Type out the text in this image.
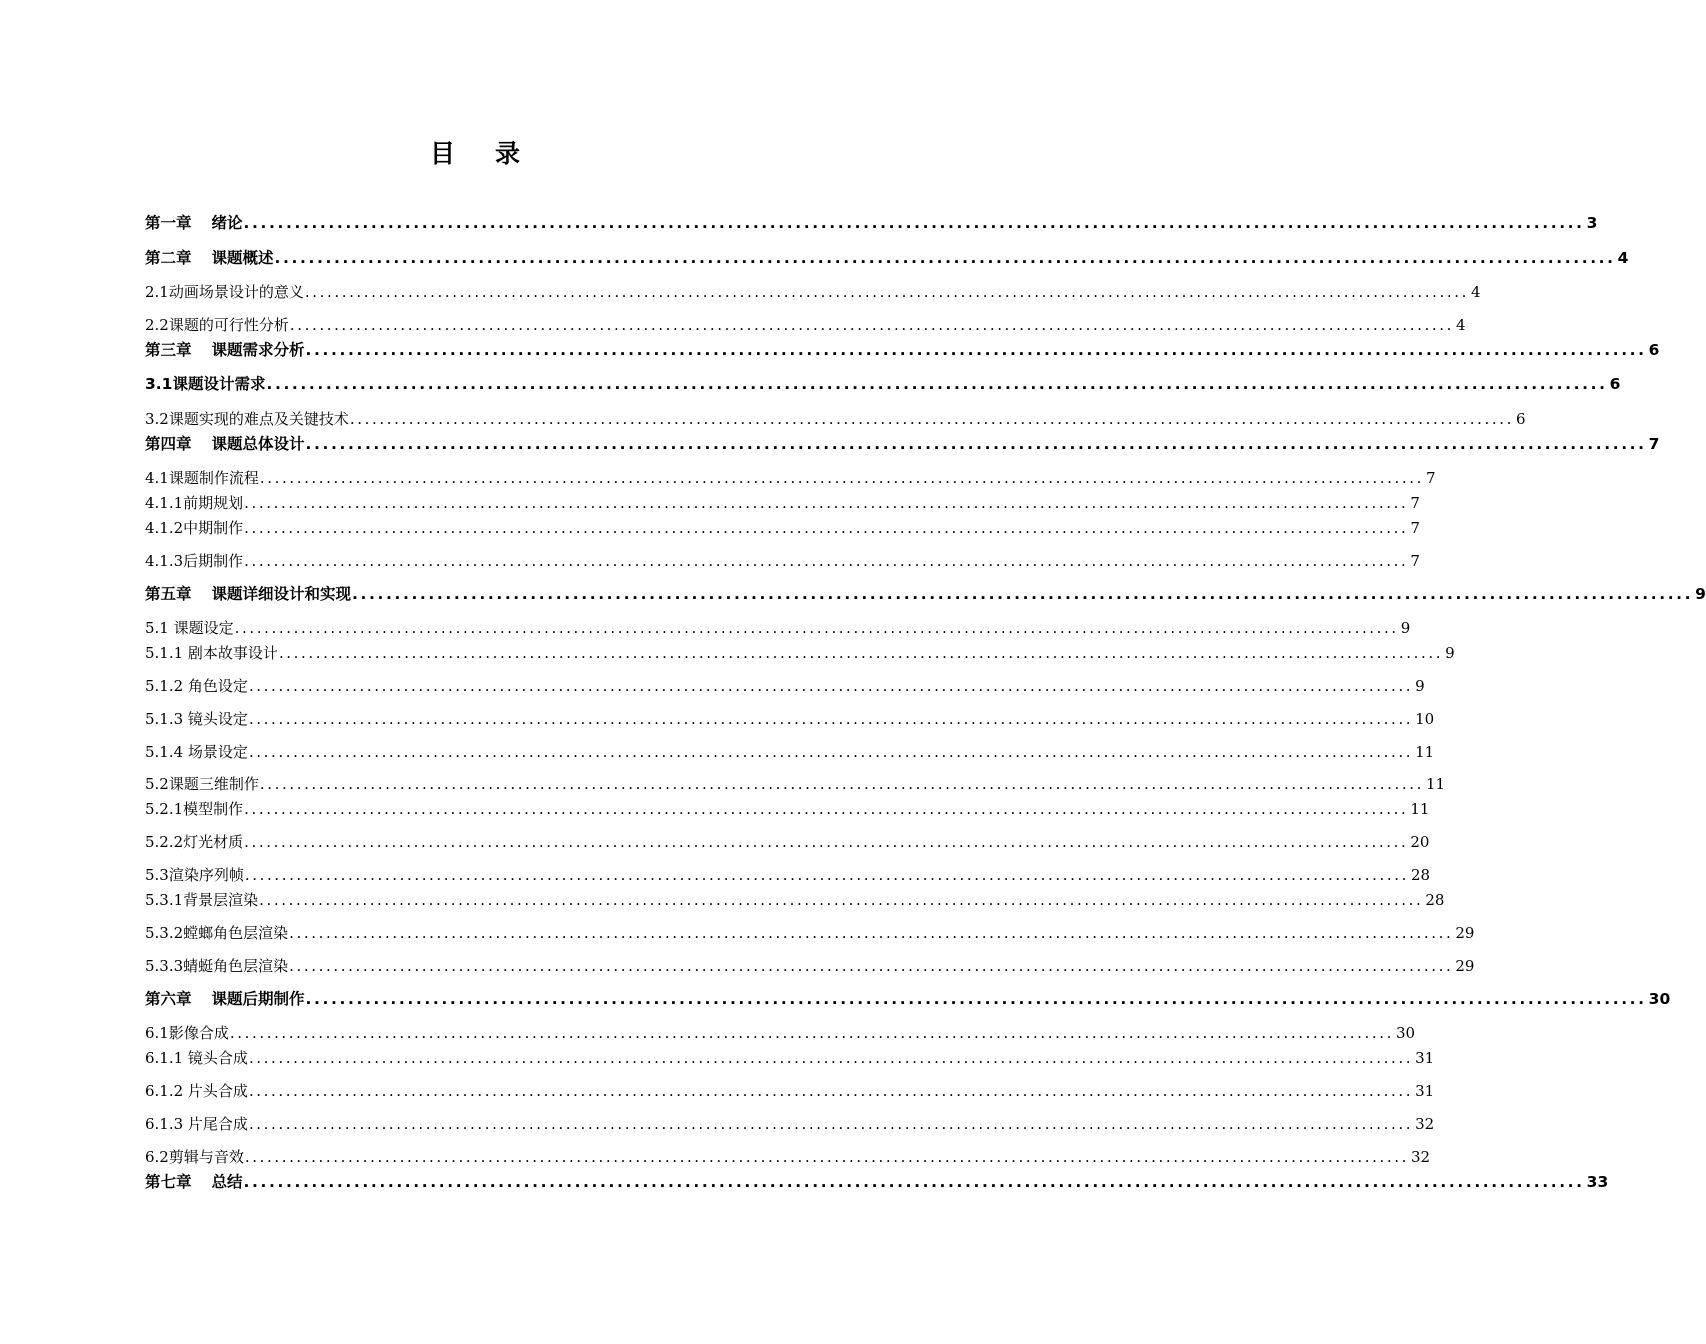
目 录
第一章 绪论 .............................................................................................................................................................. 3
第二章 课题概述 .............................................................................................................................................................. 4
2.1动画场景设计的意义 .............................................................................................................................................................. 4
2.2课题的可行性分析 .............................................................................................................................................................. 4
第三章 课题需求分析 .............................................................................................................................................................. 6
3.1课题设计需求 .............................................................................................................................................................. 6
3.2课题实现的难点及关键技术 .............................................................................................................................................................. 6
第四章 课题总体设计 .............................................................................................................................................................. 7
4.1课题制作流程 .............................................................................................................................................................. 7
4.1.1前期规划 .............................................................................................................................................................. 7
4.1.2中期制作 .............................................................................................................................................................. 7
4.1.3后期制作 .............................................................................................................................................................. 7
第五章 课题详细设计和实现 .............................................................................................................................................................. 9
5.1 课题设定 .............................................................................................................................................................. 9
5.1.1 剧本故事设计 .............................................................................................................................................................. 9
5.1.2 角色设定 .............................................................................................................................................................. 9
5.1.3 镜头设定 .............................................................................................................................................................. 10
5.1.4 场景设定 .............................................................................................................................................................. 11
5.2课题三维制作 .............................................................................................................................................................. 11
5.2.1模型制作 .............................................................................................................................................................. 11
5.2.2灯光材质 .............................................................................................................................................................. 20
5.3渲染序列帧 .............................................................................................................................................................. 28
5.3.1背景层渲染 .............................................................................................................................................................. 28
5.3.2螳螂角色层渲染 .............................................................................................................................................................. 29
5.3.3蜻蜓角色层渲染 .............................................................................................................................................................. 29
第六章 课题后期制作 .............................................................................................................................................................. 30
6.1影像合成 .............................................................................................................................................................. 30
6.1.1 镜头合成 .............................................................................................................................................................. 31
6.1.2 片头合成 .............................................................................................................................................................. 31
6.1.3 片尾合成 .............................................................................................................................................................. 32
6.2剪辑与音效 .............................................................................................................................................................. 32
第七章 总结 .............................................................................................................................................................. 33
